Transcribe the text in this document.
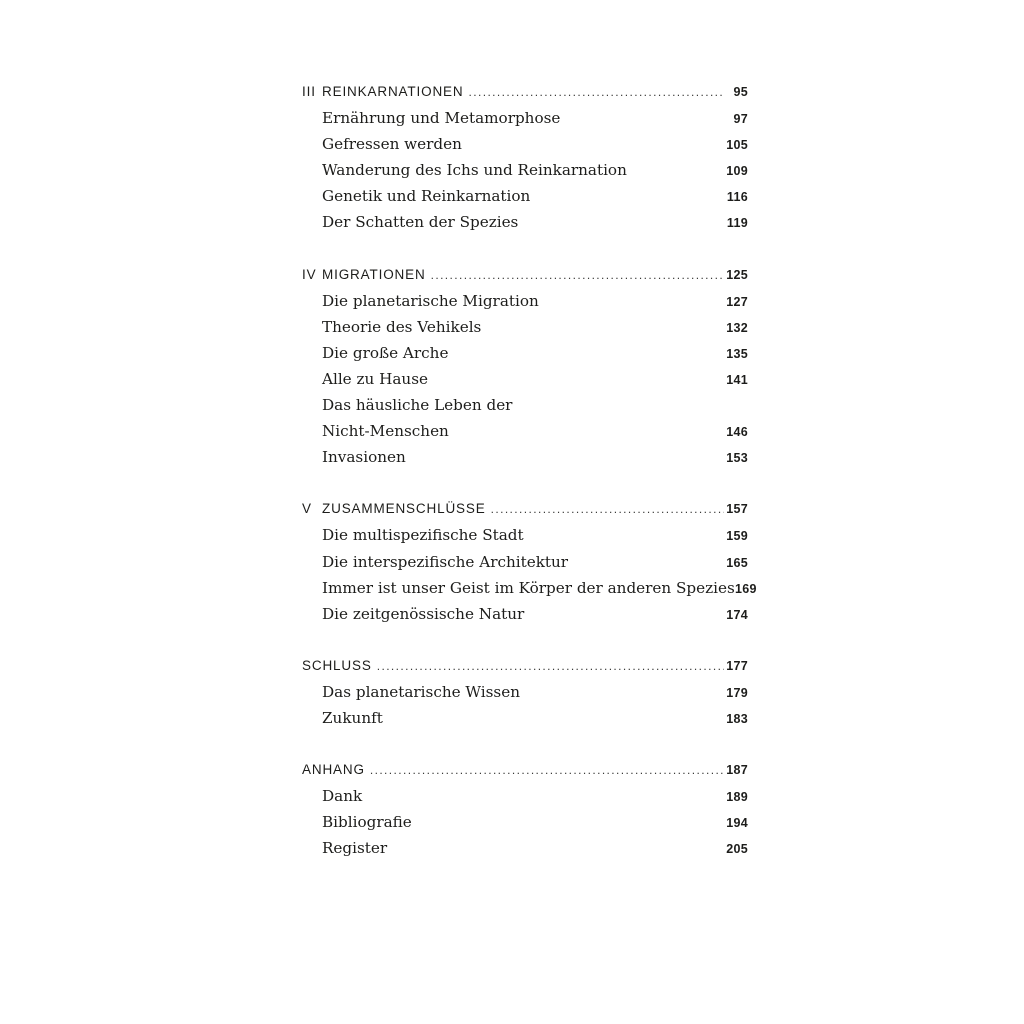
III REINKARNATIONEN .....	95
Ernährung und Metamorphose	97
Gefressen werden	105
Wanderung des Ichs und Reinkarnation	109
Genetik und Reinkarnation	116
Der Schatten der Spezies	119
IV MIGRATIONEN .....	125
Die planetarische Migration	127
Theorie des Vehikels	132
Die große Arche	135
Alle zu Hause	141
Das häusliche Leben der
Nicht-Menschen	146
Invasionen	153
V ZUSAMMENSCHLÜSSE .....	157
Die multispezifische Stadt	159
Die interspezifische Architektur	165
Immer ist unser Geist im Körper der anderen Spezies 169
Die zeitgenössische Natur	174
SCHLUSS .....	177
Das planetarische Wissen	179
Zukunft	183
ANHANG .....	187
Dank	189
Bibliografie	194
Register	205
